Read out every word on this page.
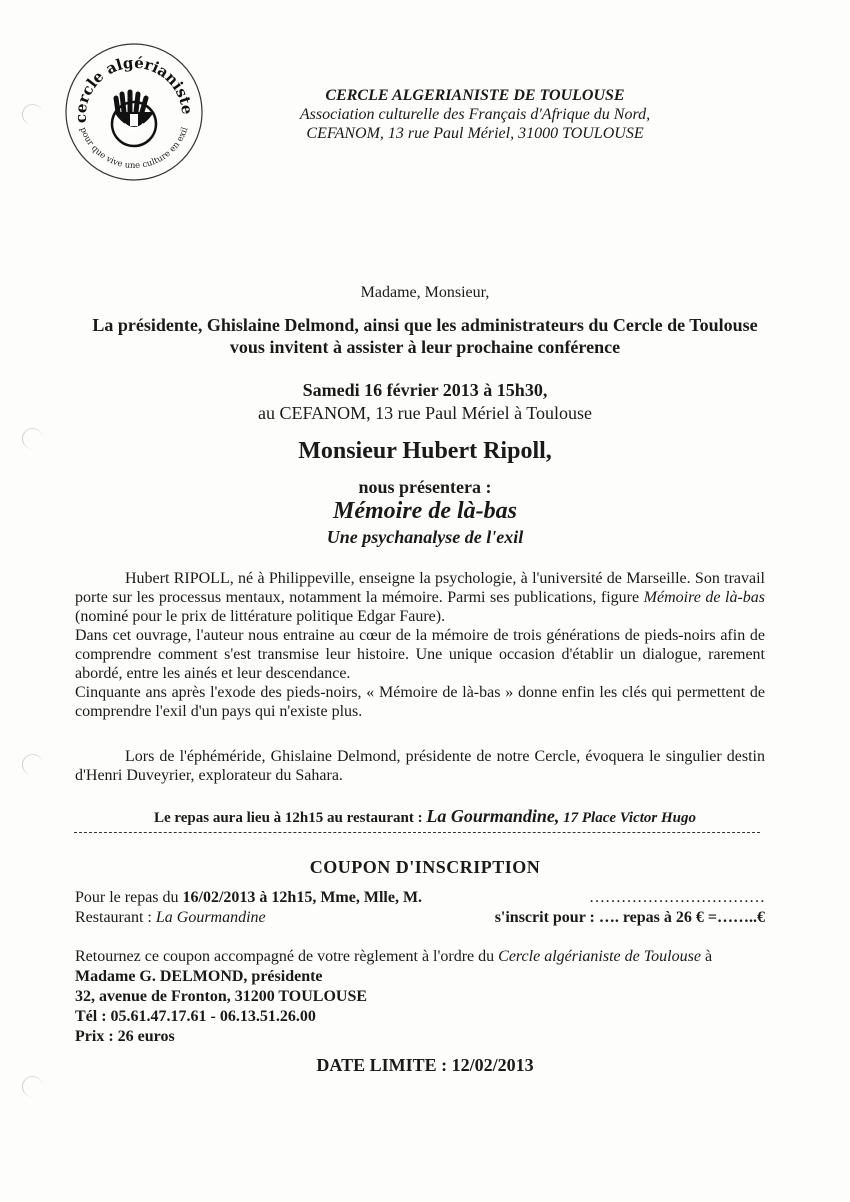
cercle algérianiste
pour que vive une culture en exil
CERCLE ALGERIANISTE DE TOULOUSE
Association culturelle des Français d'Afrique du Nord,
CEFANOM, 13 rue Paul Mériel, 31000 TOULOUSE
Madame, Monsieur,
La présidente, Ghislaine Delmond, ainsi que les administrateurs du Cercle de Toulouse vous invitent à assister à leur prochaine conférence
Samedi 16 février 2013 à 15h30,
au CEFANOM, 13 rue Paul Mériel à Toulouse
Monsieur Hubert Ripoll,
nous présentera :
Mémoire de là-bas
Une psychanalyse de l'exil

Hubert RIPOLL, né à Philippeville, enseigne la psychologie, à l'université de Marseille. Son travail porte sur les processus mentaux, notamment la mémoire. Parmi ses publications, figure Mémoire de là-bas (nominé pour le prix de littérature politique Edgar Faure).

Dans cet ouvrage, l'auteur nous entraine au cœur de la mémoire de trois générations de pieds-noirs afin de comprendre comment s'est transmise leur histoire. Une unique occasion d'établir un dialogue, rarement abordé, entre les ainés et leur descendance.

Cinquante ans après l'exode des pieds-noirs, « Mémoire de là-bas » donne enfin les clés qui permettent de comprendre l'exil d'un pays qui n'existe plus.

Lors de l'éphéméride, Ghislaine Delmond, présidente de notre Cercle, évoquera le singulier destin d'Henri Duveyrier, explorateur du Sahara.

Le repas aura lieu à 12h15 au restaurant : La Gourmandine, 17 Place Victor Hugo
COUPON D'INSCRIPTION
Pour le repas du 16/02/2013 à 12h15, Mme, Mlle, M.	……………………………
Restaurant : La Gourmandine	s'inscrit pour : …. repas à 26 € =……..€
Retournez ce coupon accompagné de votre règlement à l'ordre du Cercle algérianiste de Toulouse à
Madame G. DELMOND, présidente
32, avenue de Fronton, 31200 TOULOUSE
Tél : 05.61.47.17.61 - 06.13.51.26.00
Prix : 26 euros
DATE LIMITE : 12/02/2013
